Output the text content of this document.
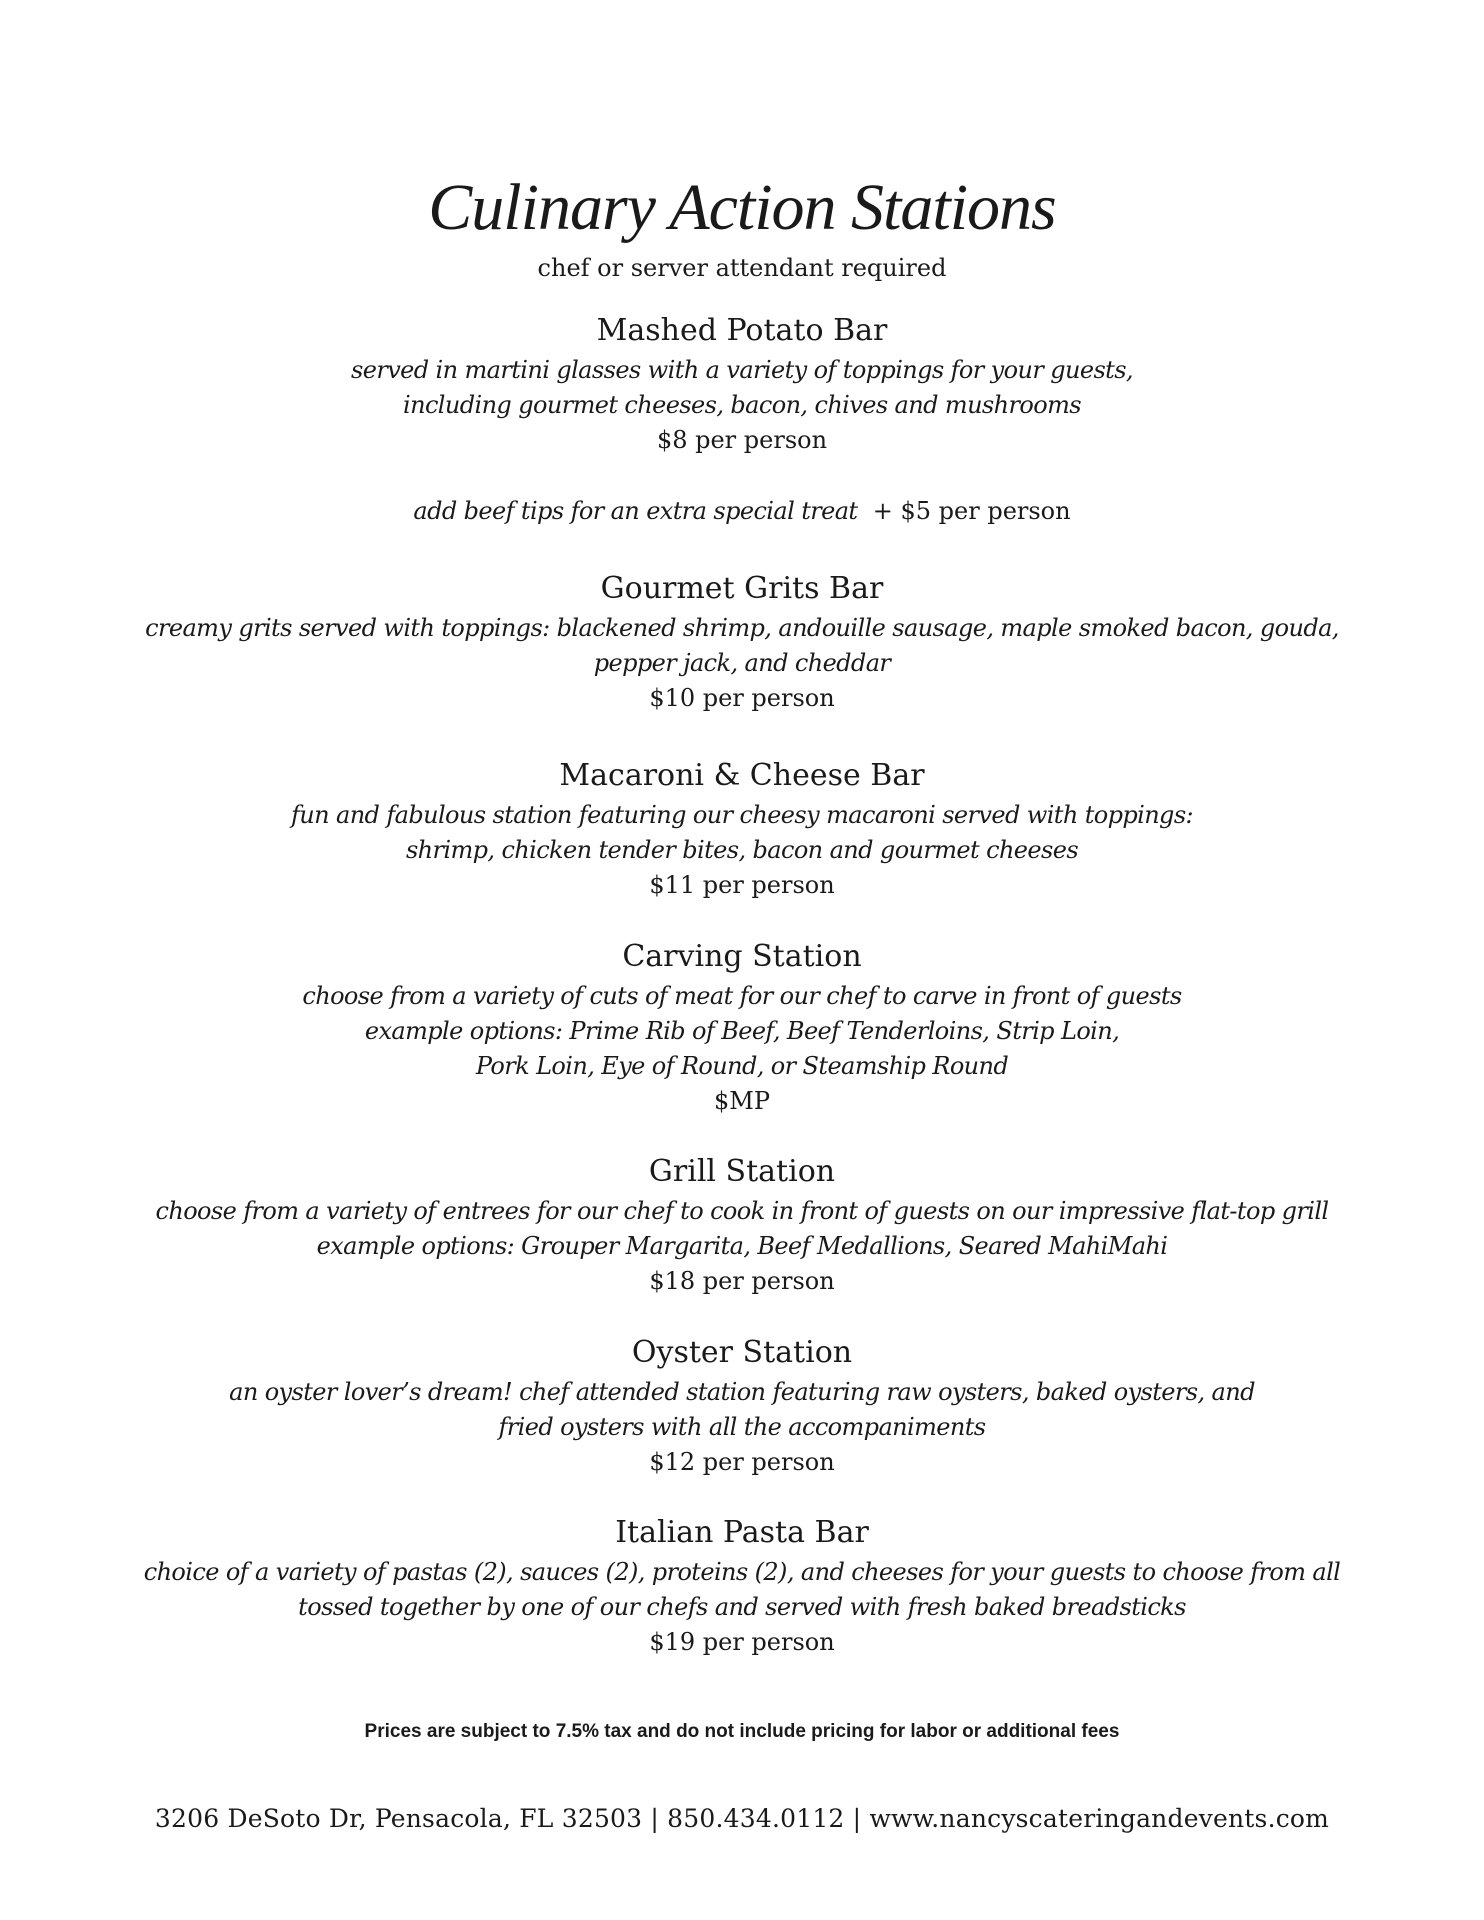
Culinary Action Stations
chef or server attendant required
Mashed Potato Bar
served in martini glasses with a variety of toppings for your guests,
including gourmet cheeses, bacon, chives and mushrooms
$8 per person
add beef tips for an extra special treat + $5 per person
Gourmet Grits Bar
creamy grits served with toppings: blackened shrimp, andouille sausage, maple smoked bacon, gouda,
pepper jack, and cheddar
$10 per person
Macaroni & Cheese Bar
fun and fabulous station featuring our cheesy macaroni served with toppings:
shrimp, chicken tender bites, bacon and gourmet cheeses
$11 per person
Carving Station
choose from a variety of cuts of meat for our chef to carve in front of guests
example options: Prime Rib of Beef, Beef Tenderloins, Strip Loin,
Pork Loin, Eye of Round, or Steamship Round
$MP
Grill Station
choose from a variety of entrees for our chef to cook in front of guests on our impressive flat-top grill
example options: Grouper Margarita, Beef Medallions, Seared MahiMahi
$18 per person
Oyster Station
an oyster lover’s dream! chef attended station featuring raw oysters, baked oysters, and
fried oysters with all the accompaniments
$12 per person
Italian Pasta Bar
choice of a variety of pastas (2), sauces (2), proteins (2), and cheeses for your guests to choose from all
tossed together by one of our chefs and served with fresh baked breadsticks
$19 per person
Prices are subject to 7.5% tax and do not include pricing for labor or additional fees
3206 DeSoto Dr, Pensacola, FL 32503 | 850.434.0112 | www.nancyscateringandevents.com
